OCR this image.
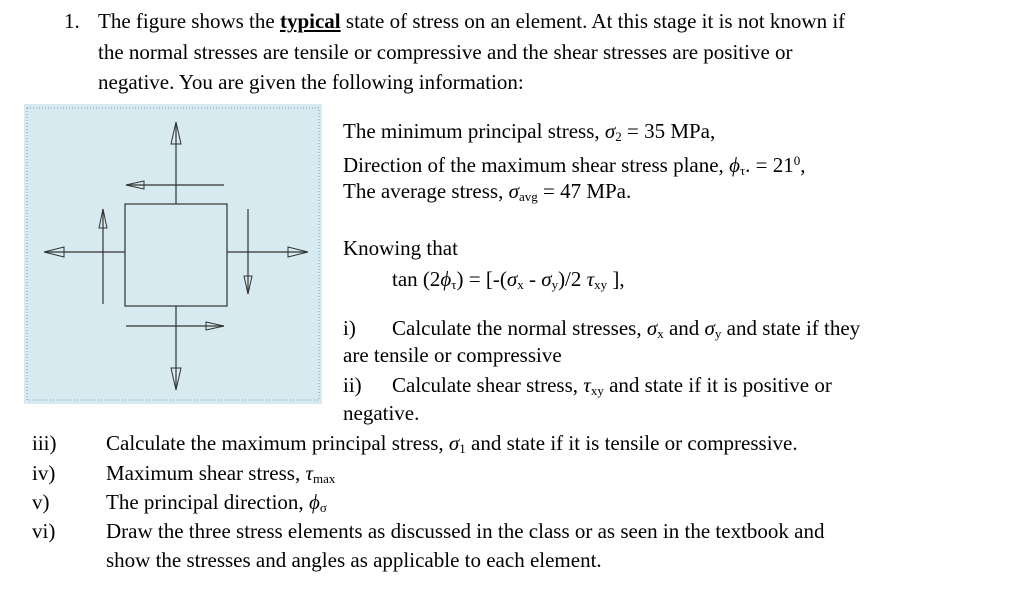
1. The figure shows the typical state of stress on an element. At this stage it is not known if
the normal stresses are tensile or compressive and the shear stresses are positive or
negative. You are given the following information:
The minimum principal stress, $\sigma_2 = 35$ MPa,
Direction of the maximum shear stress plane, $\phi_\tau$. = $21^0$,
The average stress, $\sigma_{avg} = 47$ MPa.
Knowing that
$\tan (2\phi_\tau) = [-(\sigma_x - \sigma_y)/2$ $\tau_{xy}$ ],
i) Calculate the normal stresses, $\sigma_x$ and $\sigma_y$ and state if they
are tensile or compressive
ii) Calculate shear stress, $\tau_{xy}$ and state if it is positive or
negative.
iii) Calculate the maximum principal stress, $\sigma_1$ and state if it is tensile or compressive.
iv) Maximum shear stress, $\tau_{max}$
v)	The principal direction, $\phi_\sigma$
vi) Draw the three stress elements as discussed in the class or as seen in the textbook and
show the stresses and angles as applicable to each element.
